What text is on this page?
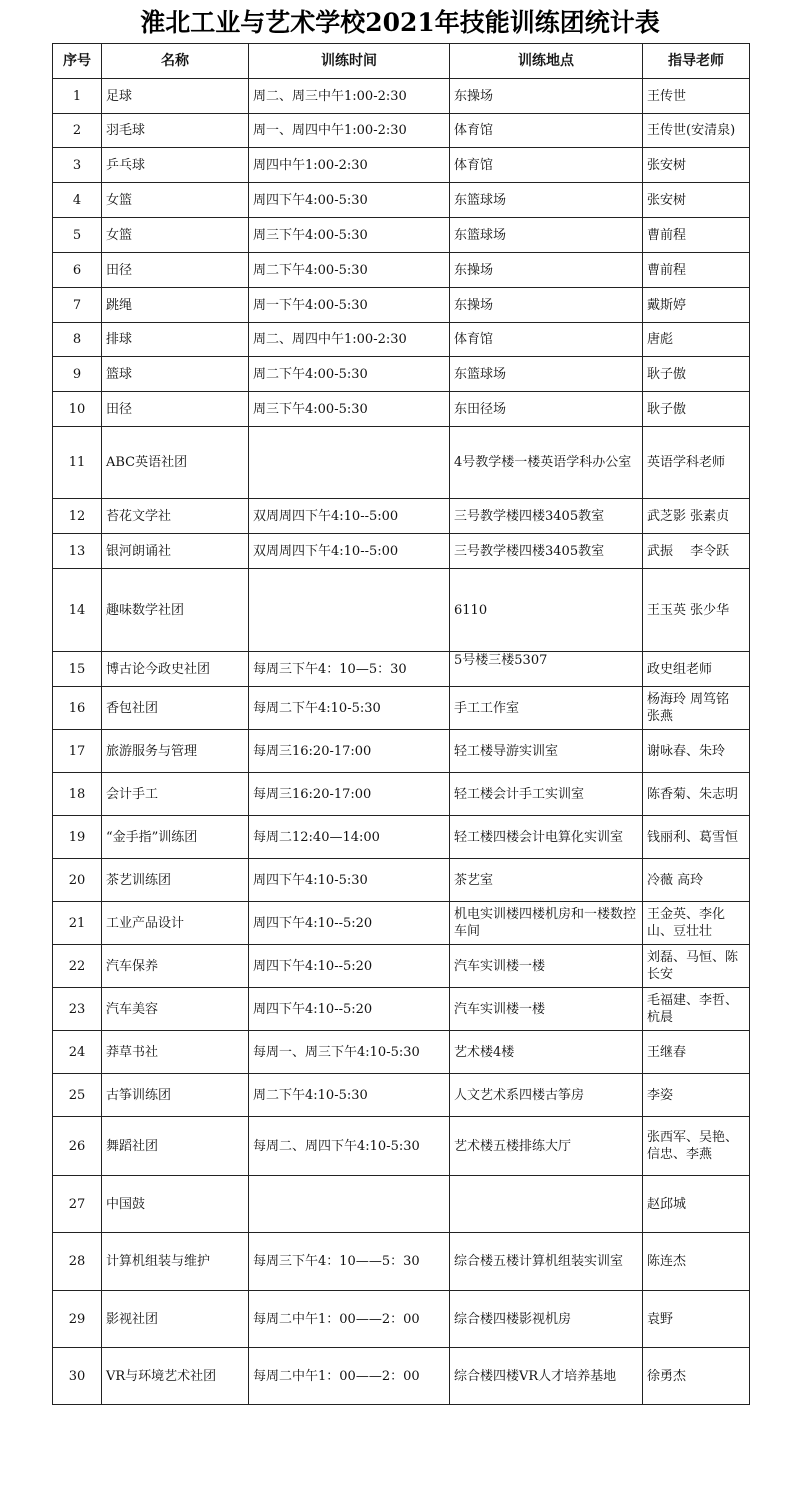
淮北工业与艺术学校2021年技能训练团统计表
序号	名称	训练时间	训练地点	指导老师
1	足球	周二、周三中午1:00-2:30	东操场	王传世
2	羽毛球	周一、周四中午1:00-2:30	体育馆	王传世(安清泉)
3	乒乓球	周四中午1:00-2:30	体育馆	张安树
4	女篮	周四下午4:00-5:30	东篮球场	张安树
5	女篮	周三下午4:00-5:30	东篮球场	曹前程
6	田径	周二下午4:00-5:30	东操场	曹前程
7	跳绳	周一下午4:00-5:30	东操场	戴斯婷
8	排球	周二、周四中午1:00-2:30	体育馆	唐彪
9	篮球	周二下午4:00-5:30	东篮球场	耿子傲
10	田径	周三下午4:00-5:30	东田径场	耿子傲
11	ABC英语社团		4号教学楼一楼英语学科办公室	英语学科老师
12	苔花文学社	双周周四下午4:10--5:00	三号教学楼四楼3405教室	武芝影 张素贞
13	银河朗诵社	双周周四下午4:10--5:00	三号教学楼四楼3405教室	武振　 李令跃
14	趣味数学社团		6110	王玉英 张少华
15	博古论今政史社团	每周三下午4：10—5：30	5号楼三楼5307	政史组老师
16	香包社团	每周二下午4:10-5:30	手工工作室	杨海玲 周笃铭 张燕
17	旅游服务与管理	每周三16:20-17:00	轻工楼导游实训室	谢咏春、朱玲
18	会计手工	每周三16:20-17:00	轻工楼会计手工实训室	陈香菊、朱志明
19	“金手指”训练团	每周二12:40—14:00	轻工楼四楼会计电算化实训室	钱丽利、葛雪恒
20	茶艺训练团	周四下午4:10-5:30	茶艺室	冷薇 高玲
21	工业产品设计	周四下午4:10--5:20	机电实训楼四楼机房和一楼数控车间	王金英、李化山、豆壮壮
22	汽车保养	周四下午4:10--5:20	汽车实训楼一楼	刘磊、马恒、陈长安
23	汽车美容	周四下午4:10--5:20	汽车实训楼一楼	毛福建、李哲、杭晨
24	莽草书社	每周一、周三下午4:10-5:30	艺术楼4楼	王继春
25	古筝训练团	周二下午4:10-5:30	人文艺术系四楼古筝房	李姿
26	舞蹈社团	每周二、周四下午4:10-5:30	艺术楼五楼排练大厅	张西军、吴艳、信忠、李燕
27	中国鼓			赵邱城
28	计算机组装与维护	每周三下午4：10——5：30	综合楼五楼计算机组装实训室	陈连杰
29	影视社团	每周二中午1：00——2：00	综合楼四楼影视机房	袁野
30	VR与环境艺术社团	每周二中午1：00——2：00	综合楼四楼VR人才培养基地	徐勇杰
